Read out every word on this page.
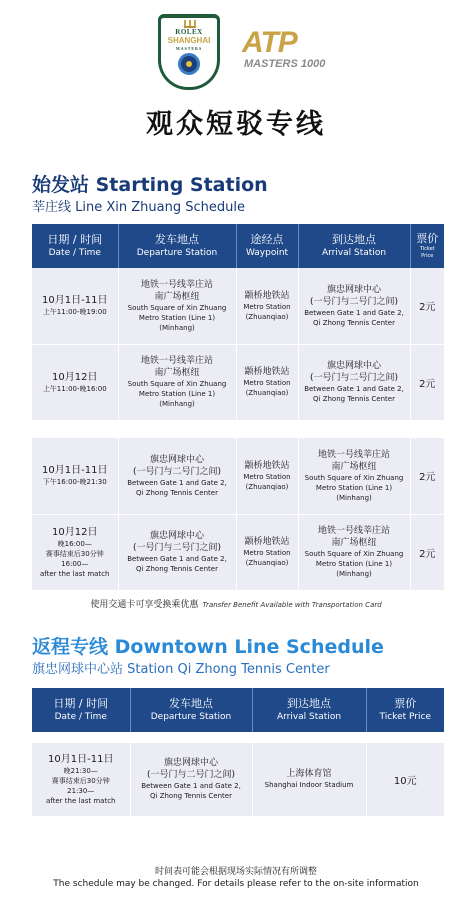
ROLEX
SHANGHAI
MASTERS	ATP
MASTERS 1000
观众短驳专线
始发站 Starting Station
莘庄线 Line Xin Zhuang Schedule
日期 / 时间
Date / Time	发车地点
Departure Station	途经点
Waypoint	到达地点
Arrival Station	票价
Ticket
Price

10月1日-11日
上午11:00-晚19:00	地铁一号线莘庄站
南广场枢纽
South Square of Xin Zhuang
Metro Station (Line 1)
(Minhang)	颛桥地铁站
Metro Station
(Zhuanqiao)	旗忠网球中心
(一号门与二号门之间)
Between Gate 1 and Gate 2,
Qi Zhong Tennis Center	2元

10月12日
上午11:00-晚16:00	地铁一号线莘庄站
南广场枢纽
South Square of Xin Zhuang
Metro Station (Line 1)
(Minhang)	颛桥地铁站
Metro Station
(Zhuanqiao)	旗忠网球中心
(一号门与二号门之间)
Between Gate 1 and Gate 2,
Qi Zhong Tennis Center	2元
10月1日-11日
下午16:00-晚21:30	旗忠网球中心
(一号门与二号门之间)
Between Gate 1 and Gate 2,
Qi Zhong Tennis Center	颛桥地铁站
Metro Station
(Zhuanqiao)	地铁一号线莘庄站
南广场枢纽
South Square of Xin Zhuang
Metro Station (Line 1)
(Minhang)	2元

10月12日
晚16:00—
赛事结束后30分钟
16:00—
after the last match	旗忠网球中心
(一号门与二号门之间)
Between Gate 1 and Gate 2,
Qi Zhong Tennis Center	颛桥地铁站
Metro Station
(Zhuanqiao)	地铁一号线莘庄站
南广场枢纽
South Square of Xin Zhuang
Metro Station (Line 1)
(Minhang)	2元
使用交通卡可享受换乘优惠 Transfer Benefit Available with Transportation Card
返程专线 Downtown Line Schedule
旗忠网球中心站 Station Qi Zhong Tennis Center
日期 / 时间
Date / Time	发车地点
Departure Station	到达地点
Arrival Station	票价
Ticket Price

10月1日-11日
晚21:30—
赛事结束后30分钟
21:30—
after the last match	旗忠网球中心
(一号门与二号门之间)
Between Gate 1 and Gate 2,
Qi Zhong Tennis Center	上海体育馆
Shanghai Indoor Stadium	10元
时间表可能会根据现场实际情况有所调整
The schedule may be changed. For details please refer to the on-site information
